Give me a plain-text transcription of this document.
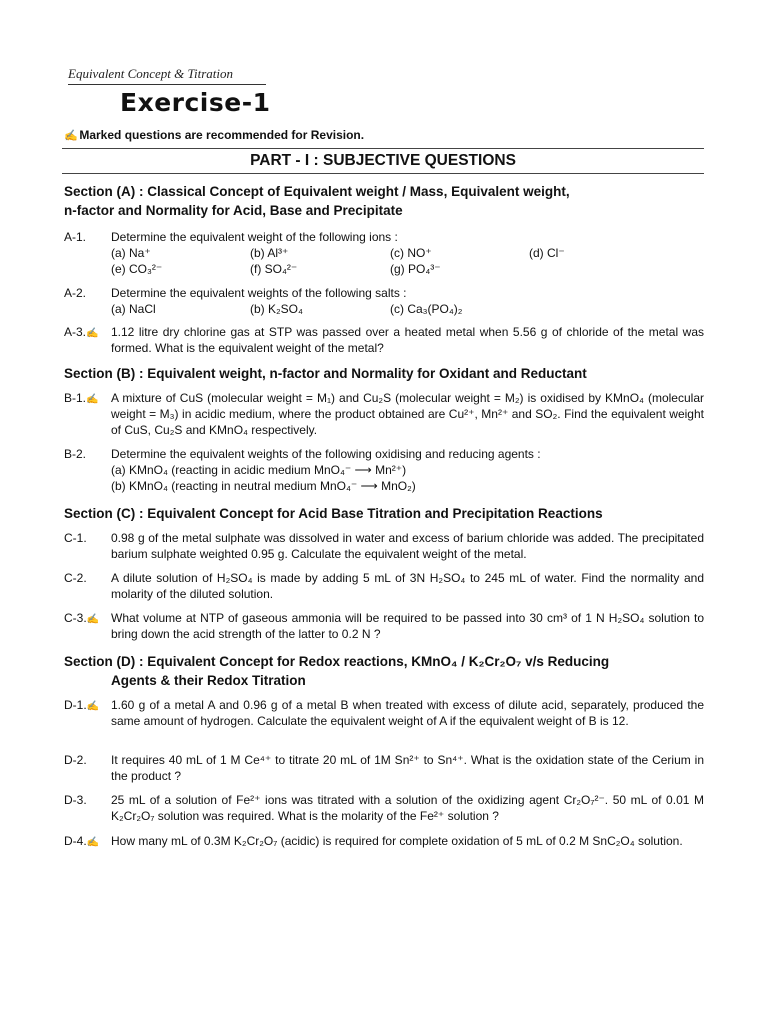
Equivalent Concept & Titration
Exercise-1
✍ Marked questions are recommended for Revision.
PART - I : SUBJECTIVE QUESTIONS
Section (A) : Classical Concept of Equivalent weight / Mass, Equivalent weight,
n-factor and Normality for Acid, Base and Precipitate
A-1.	Determine the equivalent weight of the following ions :
(a) Na⁺	(b) Al³⁺	(c) NO⁺	(d) Cl⁻
(e) CO₃²⁻	(f) SO₄²⁻	(g) PO₄³⁻
A-2.	Determine the equivalent weights of the following salts :
(a) NaCl	(b) K₂SO₄	(c) Ca₃(PO₄)₂
A-3.✍	1.12 litre dry chlorine gas at STP was passed over a heated metal when 5.56 g of chloride of the metal was formed. What is the equivalent weight of the metal?
Section (B) : Equivalent weight, n-factor and Normality for Oxidant and Reductant
B-1.✍	A mixture of CuS (molecular weight = M₁) and Cu₂S (molecular weight = M₂) is oxidised by KMnO₄ (molecular weight = M₃) in acidic medium, where the product obtained are Cu²⁺, Mn²⁺ and SO₂. Find the equivalent weight of CuS, Cu₂S and KMnO₄ respectively.
B-2.	Determine the equivalent weights of the following oxidising and reducing agents :
(a) KMnO₄ (reacting in acidic medium MnO₄⁻ ⟶ Mn²⁺)
(b) KMnO₄ (reacting in neutral medium MnO₄⁻ ⟶ MnO₂)
Section (C) : Equivalent Concept for Acid Base Titration and Precipitation Reactions
C-1.	0.98 g of the metal sulphate was dissolved in water and excess of barium chloride was added. The precipitated barium sulphate weighted 0.95 g. Calculate the equivalent weight of the metal.
C-2.	A dilute solution of H₂SO₄ is made by adding 5 mL of 3N H₂SO₄ to 245 mL of water. Find the normality and molarity of the diluted solution.
C-3.✍ What volume at NTP of gaseous ammonia will be required to be passed into 30 cm³ of 1 N H₂SO₄ solution to bring down the acid strength of the latter to 0.2 N ?
Section (D) : Equivalent Concept for Redox reactions, KMnO₄ / K₂Cr₂O₇ v/s Reducing
Agents & their Redox Titration
D-1.✍ 1.60 g of a metal A and 0.96 g of a metal B when treated with excess of dilute acid, separately, produced the same amount of hydrogen. Calculate the equivalent weight of A if the equivalent weight of B is 12.
D-2.	It requires 40 mL of 1 M Ce⁴⁺ to titrate 20 mL of 1M Sn²⁺ to Sn⁴⁺. What is the oxidation state of the Cerium in the product ?
D-3.	25 mL of a solution of Fe²⁺ ions was titrated with a solution of the oxidizing agent Cr₂O₇²⁻. 50 mL of 0.01 M K₂Cr₂O₇ solution was required. What is the molarity of the Fe²⁺ solution ?
D-4.✍ How many mL of 0.3M K₂Cr₂O₇ (acidic) is required for complete oxidation of 5 mL of 0.2 M SnC₂O₄ solution.
